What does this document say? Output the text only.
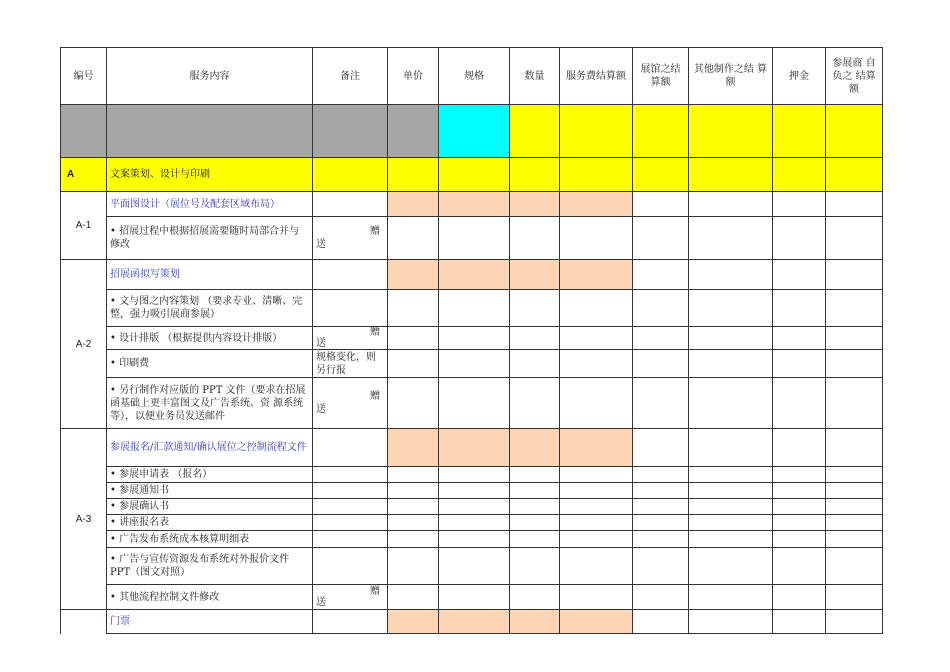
编号	服务内容	备注	单价	规格	数量	服务费结算额	展馆之结 算额	其他制作之结 算 额	押金	参展商 自 负之 结算 额

A	文案策划、设计与印刷									
A-1	平面图设计（展位号及配套区域布局）									
	• 招展过程中根据招展需要随时局部合并与修改	赠
送								

A-2	招展函拟写策划									
	• 文与图之内容策划 （要求专业、清晰、完整，强力吸引展商参展）									
	• 设计排版 （根据提供内容设计排版）	赠
送								

	• 印刷费	规格变化，则 另行报								
	• 另行制作对应版的 PPT 文件（要求在招展函基础上更丰富图文及广告系统、资 源系统等），以便业务员发送邮件	赠
送								

A-3	参展报名/汇款通知/确认展位之控制流程文件									
	• 参展申请表 （报名）									
	• 参展通知书									
	• 参展确认书									
	• 讲座报名表									
	• 广告发布系统成本核算明细表									
	• 广告与宣传资源发布系统对外报价文件 PPT（图文对照）									
	• 其他流程控制文件修改	赠
送								

	门票									
